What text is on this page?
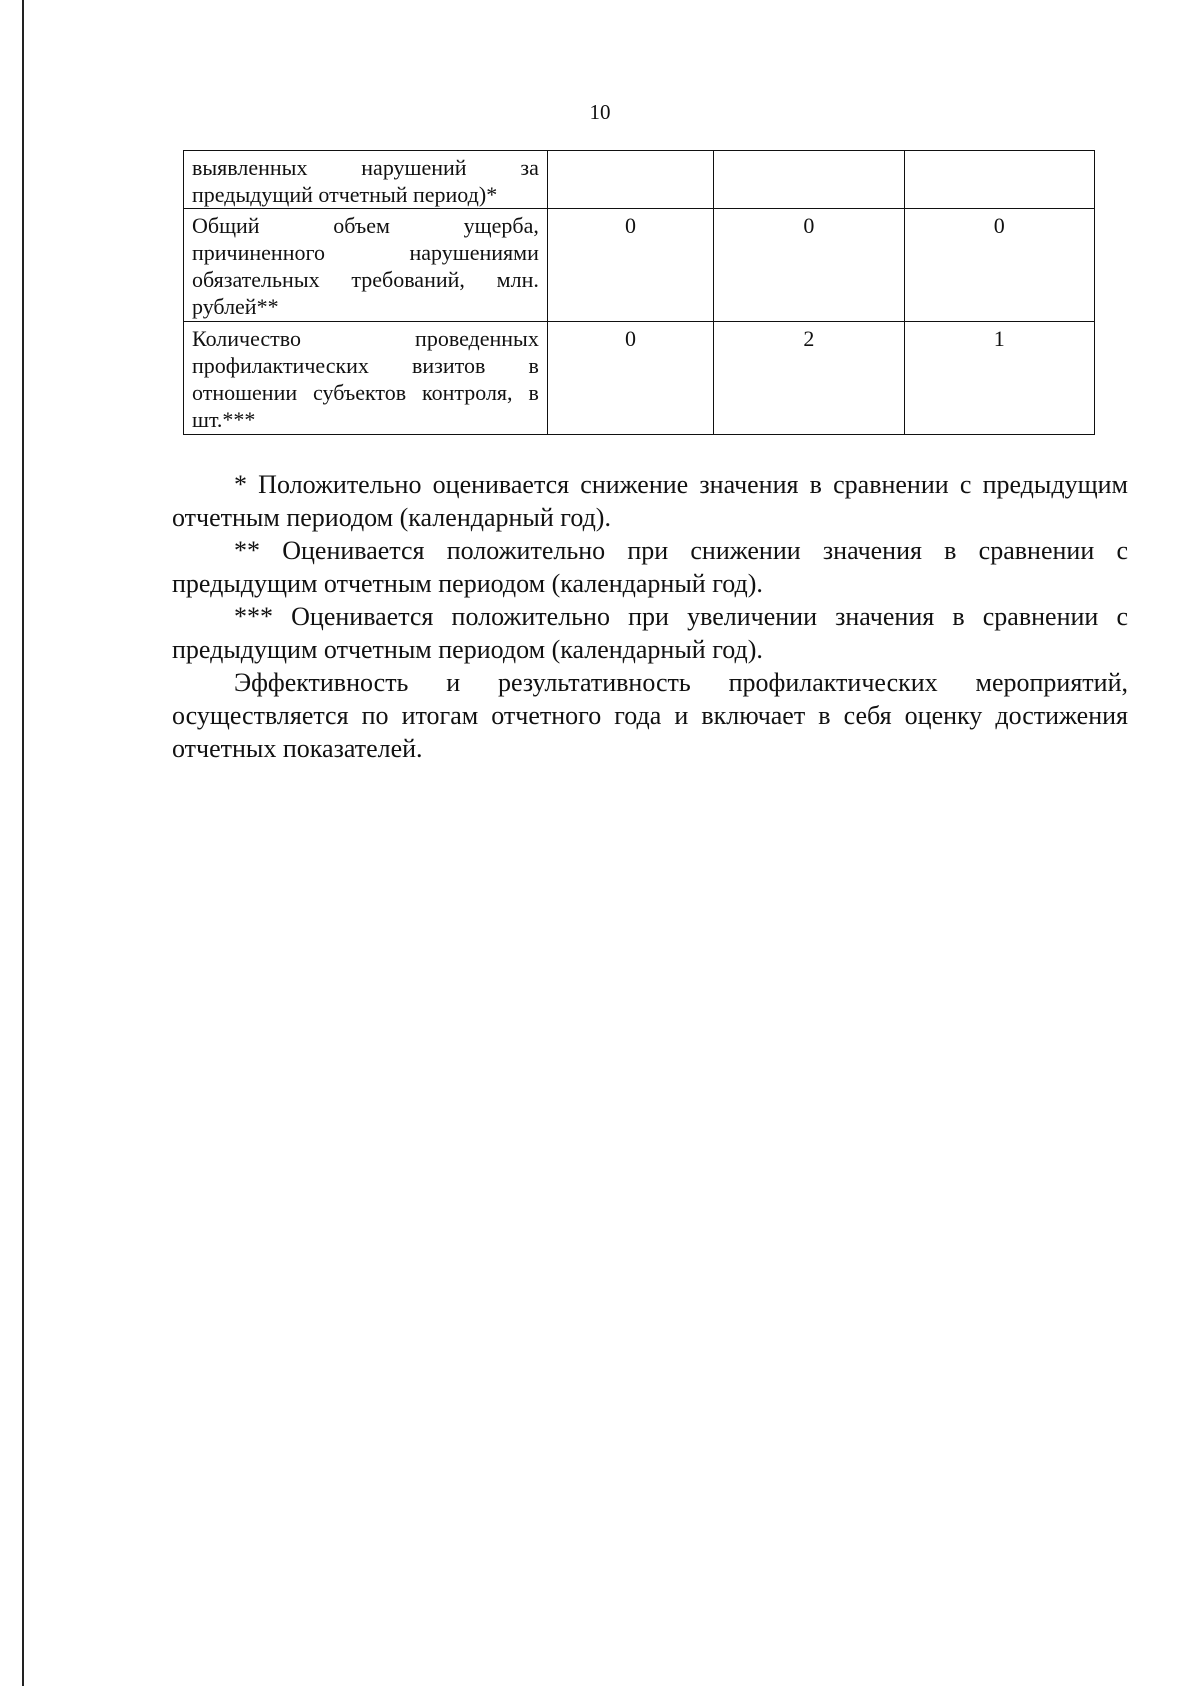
10
выявленных нарушений за предыдущий отчетный период)*			
Общий объем ущерба, причиненного нарушениями обязательных требований, млн. рублей**	0	0	0
Количество проведенных профилактических визитов в отношении субъектов контроля, в шт.***	0	2	1

* Положительно оценивается снижение значения в сравнении с предыдущим отчетным периодом (календарный год).

** Оценивается положительно при снижении значения в сравнении с предыдущим отчетным периодом (календарный год).

*** Оценивается положительно при увеличении значения в сравнении с предыдущим отчетным периодом (календарный год).

Эффективность и результативность профилактических мероприятий, осуществляется по итогам отчетного года и включает в себя оценку достижения отчетных показателей.
